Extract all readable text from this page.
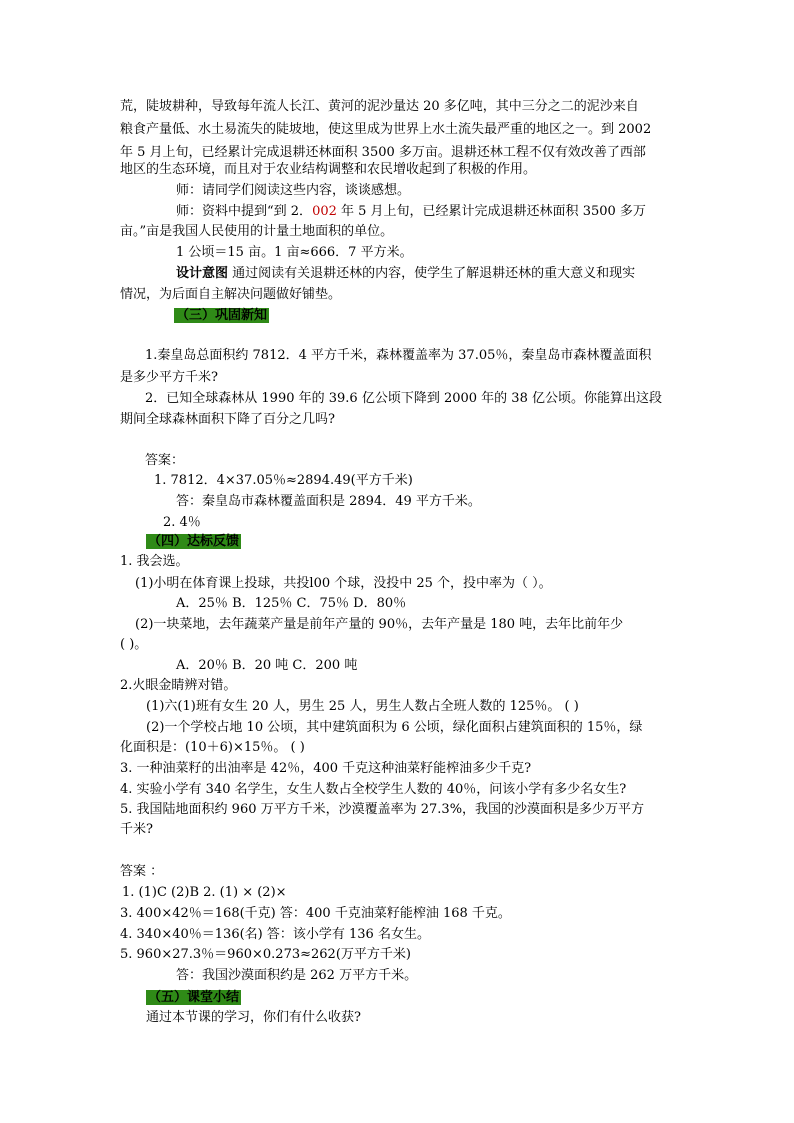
荒，陡坡耕种，导致每年流人长江、黄河的泥沙量达 20 多亿吨，其中三分之二的泥沙来自
粮食产量低、水土易流失的陡坡地，使这里成为世界上水土流失最严重的地区之一。到 2002
年 5 月上旬，已经累计完成退耕还林面积 3500 多万亩。退耕还林工程不仅有效改善了西部
地区的生态环境，而且对于农业结构调整和农民增收起到了积极的作用。
师：请同学们阅读这些内容，谈谈感想。
师：资料中提到“到 2．002 年 5 月上旬，已经累计完成退耕还林面积 3500 多万
亩。”亩是我国人民使用的计量土地面积的单位。
1 公顷＝15 亩。1 亩≈666．7 平方米。
设计意图 通过阅读有关退耕还林的内容，使学生了解退耕还林的重大意义和现实
情况，为后面自主解决问题做好铺垫。
（三）巩固新知
1.秦皇岛总面积约 7812．4 平方千米，森林覆盖率为 37.05％，秦皇岛市森林覆盖面积
是多少平方千米?
2．已知全球森林从 1990 年的 39.6 亿公顷下降到 2000 年的 38 亿公顷。你能算出这段
期间全球森林面积下降了百分之几吗?
答案：
1. 7812．4×37.05％≈2894.49(平方千米)
答：秦皇岛市森林覆盖面积是 2894．49 平方千米。
2. 4％
（四）达标反馈
1. 我会选。
(1)小明在体育课上投球，共投l00 个球，没投中 25 个，投中率为（ ）。
A．25％ B．125％ C．75％ D．80％
(2)一块菜地，去年蔬菜产量是前年产量的 90％，去年产量是 180 吨，去年比前年少
( )。
A．20％ B．20 吨 C．200 吨
2.火眼金睛辨对错。
(1)六(1)班有女生 20 人，男生 25 人，男生人数占全班人数的 125％。 ( )
(2)一个学校占地 10 公顷，其中建筑面积为 6 公顷，绿化面积占建筑面积的 15％，绿
化面积是：(10＋6)×15％。 ( )
3. 一种油菜籽的出油率是 42％，400 千克这种油菜籽能榨油多少千克?
4. 实验小学有 340 名学生，女生人数占全校学生人数的 40％，问该小学有多少名女生?
5. 我国陆地面积约 960 万平方千米，沙漠覆盖率为 27.3%，我国的沙漠面积是多少万平方
千米?
答案 ：
1. (1)C (2)B 2. (1) × (2)×
3. 400×42％＝168(千克) 答：400 千克油菜籽能榨油 168 千克。
4. 340×40％＝136(名) 答：该小学有 136 名女生。
5. 960×27.3％＝960×0.273≈262(万平方千米)
答：我国沙漠面积约是 262 万平方千米。
（五）课堂小结
通过本节课的学习，你们有什么收获?
